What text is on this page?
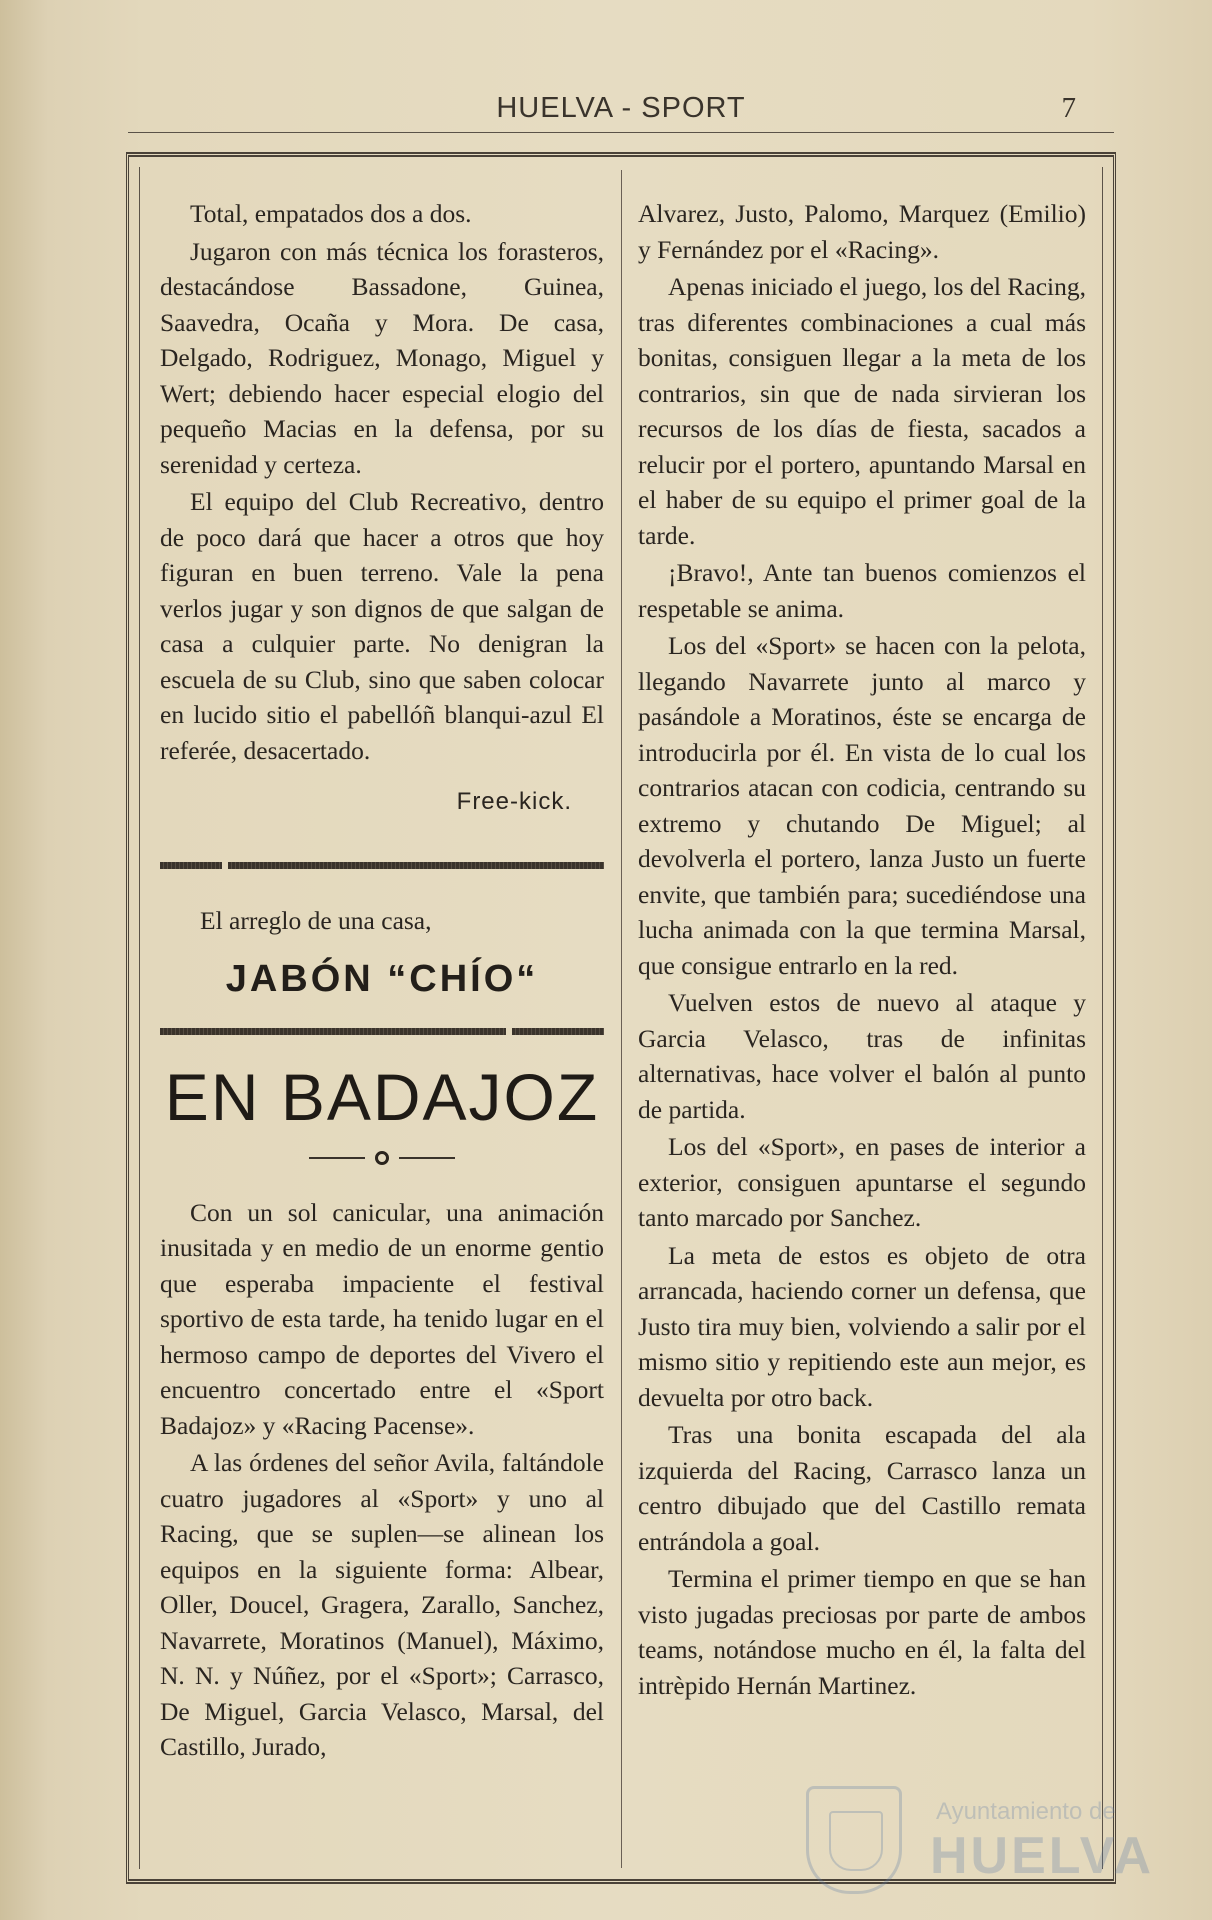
HUELVA - SPORT	7

Total, empatados dos a dos.

Jugaron con más técnica los forasteros, destacándose Bassadone, Guinea, Saavedra, Ocaña y Mora. De casa, Delgado, Rodriguez, Monago, Miguel y Wert; debiendo hacer especial elogio del pequeño Macias en la defensa, por su serenidad y certeza.

El equipo del Club Recreativo, dentro de poco dará que hacer a otros que hoy figuran en buen terreno. Vale la pena verlos jugar y son dignos de que salgan de casa a culquier parte. No denigran la escuela de su Club, sino que saben colocar en lucido sitio el pabellóñ blanqui-azul El referée, desacertado.

Free-kick.
El arreglo de una casa,
JABÓN “CHÍO“
EN BADAJOZ

Con un sol canicular, una animación inusitada y en medio de un enorme gentio que esperaba impaciente el festival sportivo de esta tarde, ha tenido lugar en el hermoso campo de deportes del Vivero el encuentro concertado entre el «Sport Badajoz» y «Racing Pacense».

A las órdenes del señor Avila, faltándole cuatro jugadores al «Sport» y uno al Racing, que se suplen—se alinean los equipos en la siguiente forma: Albear, Oller, Doucel, Gragera, Zarallo, Sanchez, Navarrete, Moratinos (Manuel), Máximo, N. N. y Núñez, por el «Sport»; Carrasco, De Miguel, Garcia Velasco, Marsal, del Castillo, Jurado,

Alvarez, Justo, Palomo, Marquez (Emilio) y Fernández por el «Racing».

Apenas iniciado el juego, los del Racing, tras diferentes combinaciones a cual más bonitas, consiguen llegar a la meta de los contrarios, sin que de nada sirvieran los recursos de los días de fiesta, sacados a relucir por el portero, apuntando Marsal en el haber de su equipo el primer goal de la tarde.

¡Bravo!, Ante tan buenos comienzos el respetable se anima.

Los del «Sport» se hacen con la pelota, llegando Navarrete junto al marco y pasándole a Moratinos, éste se encarga de introducirla por él. En vista de lo cual los contrarios atacan con codicia, centrando su extremo y chutando De Miguel; al devolverla el portero, lanza Justo un fuerte envite, que también para; sucediéndose una lucha animada con la que termina Marsal, que consigue entrarlo en la red.

Vuelven estos de nuevo al ataque y Garcia Velasco, tras de infinitas alternativas, hace volver el balón al punto de partida.

Los del «Sport», en pases de interior a exterior, consiguen apuntarse el segundo tanto marcado por Sanchez.

La meta de estos es objeto de otra arrancada, haciendo corner un defensa, que Justo tira muy bien, volviendo a salir por el mismo sitio y repitiendo este aun mejor, es devuelta por otro back.

Tras una bonita escapada del ala izquierda del Racing, Carrasco lanza un centro dibujado que del Castillo remata entrándola a goal.

Termina el primer tiempo en que se han visto jugadas preciosas por parte de ambos teams, notándose mucho en él, la falta del intrèpido Hernán Martinez.

Ayuntamiento de
HUELVA
